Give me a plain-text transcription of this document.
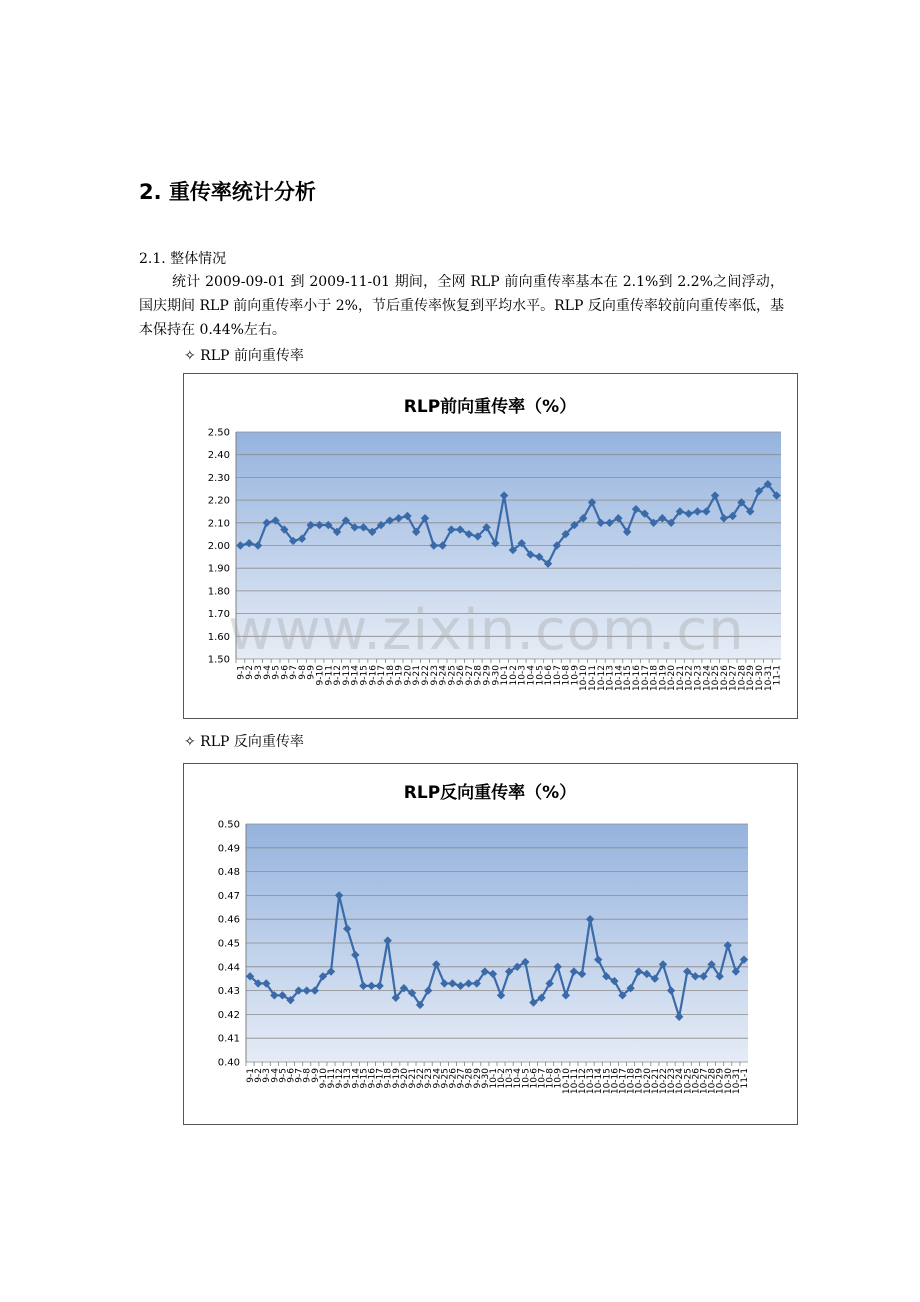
2. 重传率统计分析
2.1. 整体情况
统计 2009-09-01 到 2009-11-01 期间，全网 RLP 前向重传率基本在 2.1%到 2.2%之间浮动，国庆期间 RLP 前向重传率小于 2%，节后重传率恢复到平均水平。RLP 反向重传率较前向重传率低，基本保持在 0.44%左右。
✧ RLP 前向重传率
RLP前向重传率（%）
2.50
2.40
2.30
2.20
2.10
2.00
1.90
1.80
1.70
1.60
1.50
9-1
9-2
9-3
9-4
9-5
9-6
9-7
9-8
9-9
9-10
9-11
9-12
9-13
9-14
9-15
9-16
9-17
9-18
9-19
9-20
9-21
9-22
9-23
9-24
9-25
9-26
9-27
9-28
9-29
9-30
10-1
10-2
10-3
10-4
10-5
10-6
10-7
10-8
10-9
10-10
10-11
10-12
10-13
10-14
10-15
10-16
10-17
10-18
10-19
10-20
10-21
10-22
10-23
10-24
10-25
10-26
10-27
10-28
10-29
10-30
10-31
11-1
✧ RLP 反向重传率
RLP反向重传率（%）
0.50
0.49
0.48
0.47
0.46
0.45
0.44
0.43
0.42
0.41
0.40
9-1
9-2
9-3
9-4
9-5
9-6
9-7
9-8
9-9
9-10
9-11
9-12
9-13
9-14
9-15
9-16
9-17
9-18
9-19
9-20
9-21
9-22
9-23
9-24
9-25
9-26
9-27
9-28
9-29
9-30
10-1
10-2
10-3
10-4
10-5
10-6
10-7
10-8
10-9
10-10
10-11
10-12
10-13
10-14
10-15
10-16
10-17
10-18
10-19
10-20
10-21
10-22
10-23
10-24
10-25
10-26
10-27
10-28
10-29
10-30
10-31
11-1
www.zixin.com.cn
